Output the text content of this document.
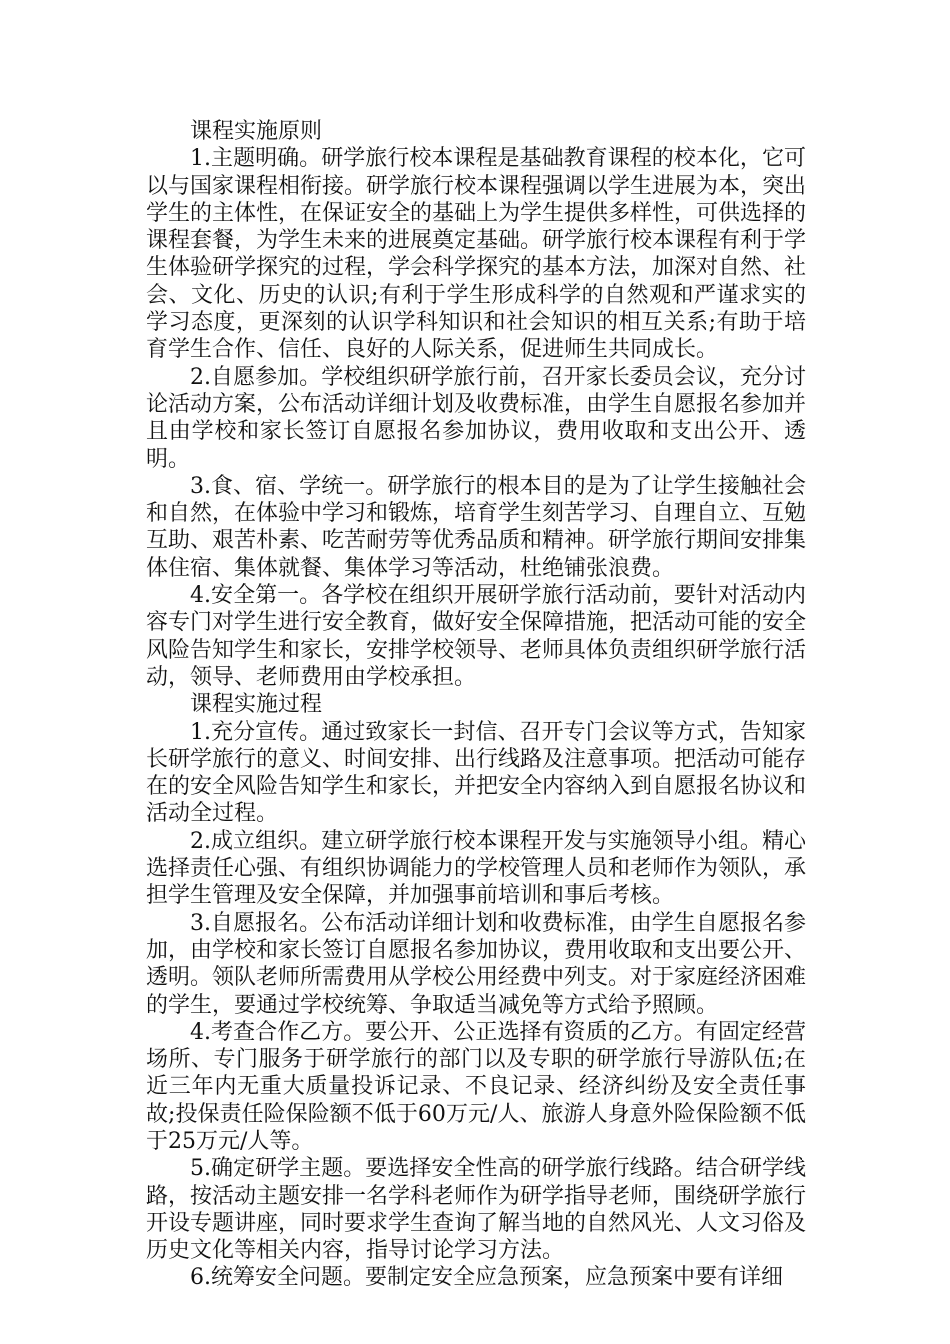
课程实施原则

1.主题明确。研学旅行校本课程是基础教育课程的校本化，它可以与国家课程相衔接。研学旅行校本课程强调以学生进展为本，突出学生的主体性，在保证安全的基础上为学生提供多样性，可供选择的课程套餐，为学生未来的进展奠定基础。研学旅行校本课程有利于学生体验研学探究的过程，学会科学探究的基本方法，加深对自然、社会、文化、历史的认识;有利于学生形成科学的自然观和严谨求实的学习态度，更深刻的认识学科知识和社会知识的相互关系;有助于培育学生合作、信任、良好的人际关系，促进师生共同成长。

2.自愿参加。学校组织研学旅行前，召开家长委员会议，充分讨论活动方案，公布活动详细计划及收费标准，由学生自愿报名参加并且由学校和家长签订自愿报名参加协议，费用收取和支出公开、透明。

3.食、宿、学统一。研学旅行的根本目的是为了让学生接触社会和自然，在体验中学习和锻炼，培育学生刻苦学习、自理自立、互勉互助、艰苦朴素、吃苦耐劳等优秀品质和精神。研学旅行期间安排集体住宿、集体就餐、集体学习等活动，杜绝铺张浪费。

4.安全第一。各学校在组织开展研学旅行活动前，要针对活动内容专门对学生进行安全教育，做好安全保障措施，把活动可能的安全风险告知学生和家长，安排学校领导、老师具体负责组织研学旅行活动，领导、老师费用由学校承担。

课程实施过程

1.充分宣传。通过致家长一封信、召开专门会议等方式，告知家长研学旅行的意义、时间安排、出行线路及注意事项。把活动可能存在的安全风险告知学生和家长，并把安全内容纳入到自愿报名协议和活动全过程。

2.成立组织。建立研学旅行校本课程开发与实施领导小组。精心选择责任心强、有组织协调能力的学校管理人员和老师作为领队，承担学生管理及安全保障，并加强事前培训和事后考核。

3.自愿报名。公布活动详细计划和收费标准，由学生自愿报名参加，由学校和家长签订自愿报名参加协议，费用收取和支出要公开、透明。领队老师所需费用从学校公用经费中列支。对于家庭经济困难的学生，要通过学校统筹、争取适当减免等方式给予照顾。

4.考查合作乙方。要公开、公正选择有资质的乙方。有固定经营场所、专门服务于研学旅行的部门以及专职的研学旅行导游队伍;在近三年内无重大质量投诉记录、不良记录、经济纠纷及安全责任事故;投保责任险保险额不低于60万元/人、旅游人身意外险保险额不低于25万元/人等。

5.确定研学主题。要选择安全性高的研学旅行线路。结合研学线路，按活动主题安排一名学科老师作为研学指导老师，围绕研学旅行开设专题讲座，同时要求学生查询了解当地的自然风光、人文习俗及历史文化等相关内容，指导讨论学习方法。

6.统筹安全问题。要制定安全应急预案，应急预案中要有详细
